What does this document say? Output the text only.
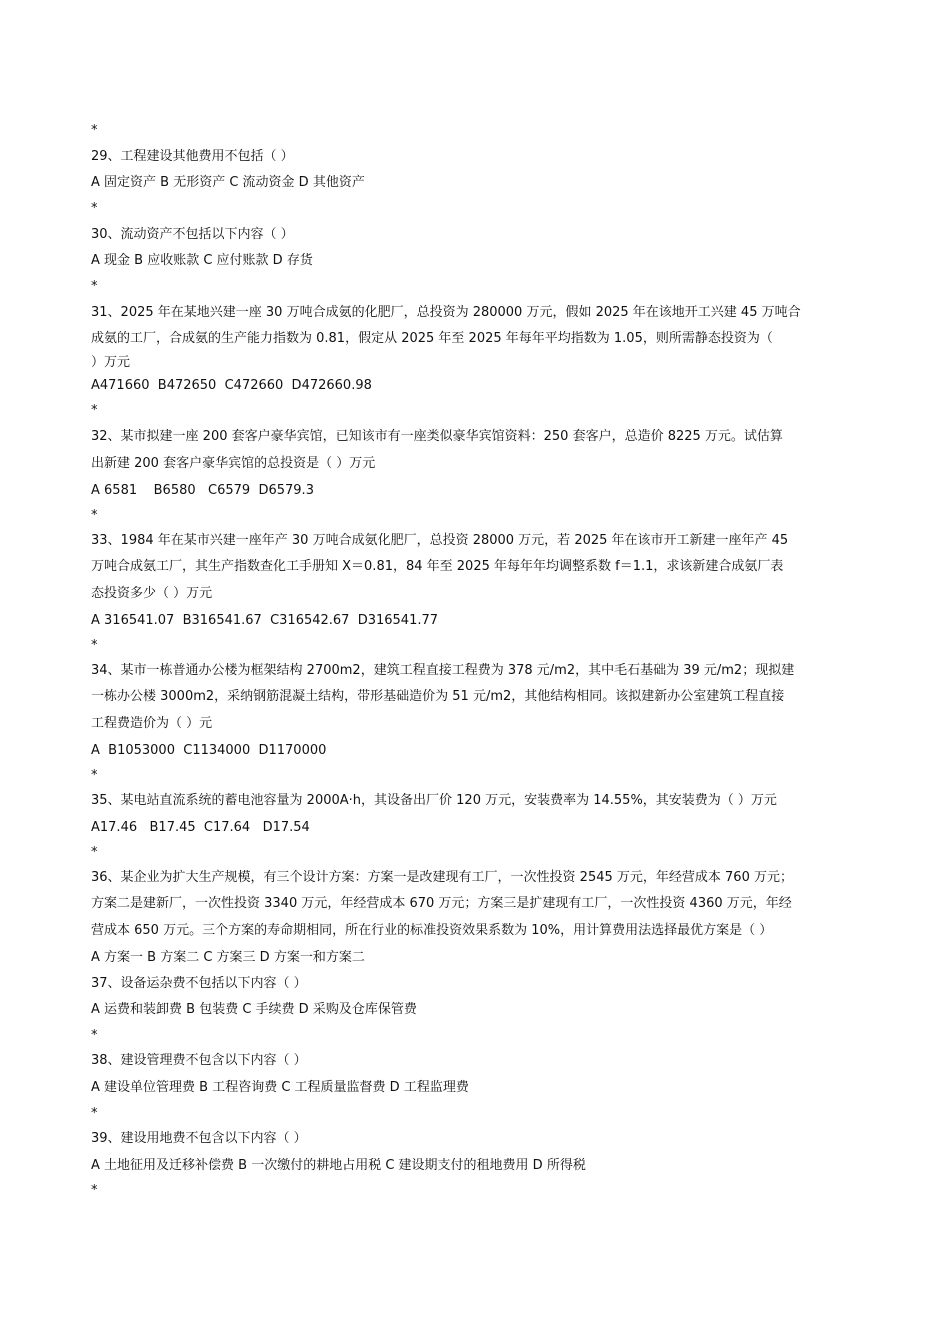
*
29、工程建设其他费用不包括（ ）
A 固定资产 B 无形资产 C 流动资金 D 其他资产
*
30、流动资产不包括以下内容（ ）
A 现金 B 应收账款 C 应付账款 D 存货
*
31、2025 年在某地兴建一座 30 万吨合成氨的化肥厂，总投资为 280000 万元，假如 2025 年在该地开工兴建 45 万吨合
成氨的工厂，合成氨的生产能力指数为 0.81，假定从 2025 年至 2025 年每年平均指数为 1.05，则所需静态投资为（
）万元
A471660  B472650  C472660  D472660.98
*
32、某市拟建一座 200 套客户豪华宾馆，已知该市有一座类似豪华宾馆资料：250 套客户，总造价 8225 万元。试估算
出新建 200 套客户豪华宾馆的总投资是（ ）万元
A 6581    B6580   C6579  D6579.3
*
33、1984 年在某市兴建一座年产 30 万吨合成氨化肥厂，总投资 28000 万元，若 2025 年在该市开工新建一座年产 45
万吨合成氨工厂，其生产指数查化工手册知 X＝0.81，84 年至 2025 年每年年均调整系数 f＝1.1，求该新建合成氨厂表
态投资多少（ ）万元
A 316541.07  B316541.67  C316542.67  D316541.77
*
34、某市一栋普通办公楼为框架结构 2700m2，建筑工程直接工程费为 378 元/m2，其中毛石基础为 39 元/m2；现拟建
一栋办公楼 3000m2，采纳钢筋混凝土结构，带形基础造价为 51 元/m2，其他结构相同。该拟建新办公室建筑工程直接
工程费造价为（ ）元
A  B1053000  C1134000  D1170000
*
35、某电站直流系统的蓄电池容量为 2000A·h，其设备出厂价 120 万元，安装费率为 14.55%，其安装费为（ ）万元
A17.46   B17.45  C17.64   D17.54
*
36、某企业为扩大生产规模，有三个设计方案：方案一是改建现有工厂，一次性投资 2545 万元，年经营成本 760 万元；
方案二是建新厂，一次性投资 3340 万元，年经营成本 670 万元；方案三是扩建现有工厂，一次性投资 4360 万元，年经
营成本 650 万元。三个方案的寿命期相同，所在行业的标准投资效果系数为 10%，用计算费用法选择最优方案是（ ）
A 方案一 B 方案二 C 方案三 D 方案一和方案二
37、设备运杂费不包括以下内容（ ）
A 运费和装卸费 B 包装费 C 手续费 D 采购及仓库保管费
*
38、建设管理费不包含以下内容（ ）
A 建设单位管理费 B 工程咨询费 C 工程质量监督费 D 工程监理费
*
39、建设用地费不包含以下内容（ ）
A 土地征用及迁移补偿费 B 一次缴付的耕地占用税 C 建设期支付的租地费用 D 所得税
*
